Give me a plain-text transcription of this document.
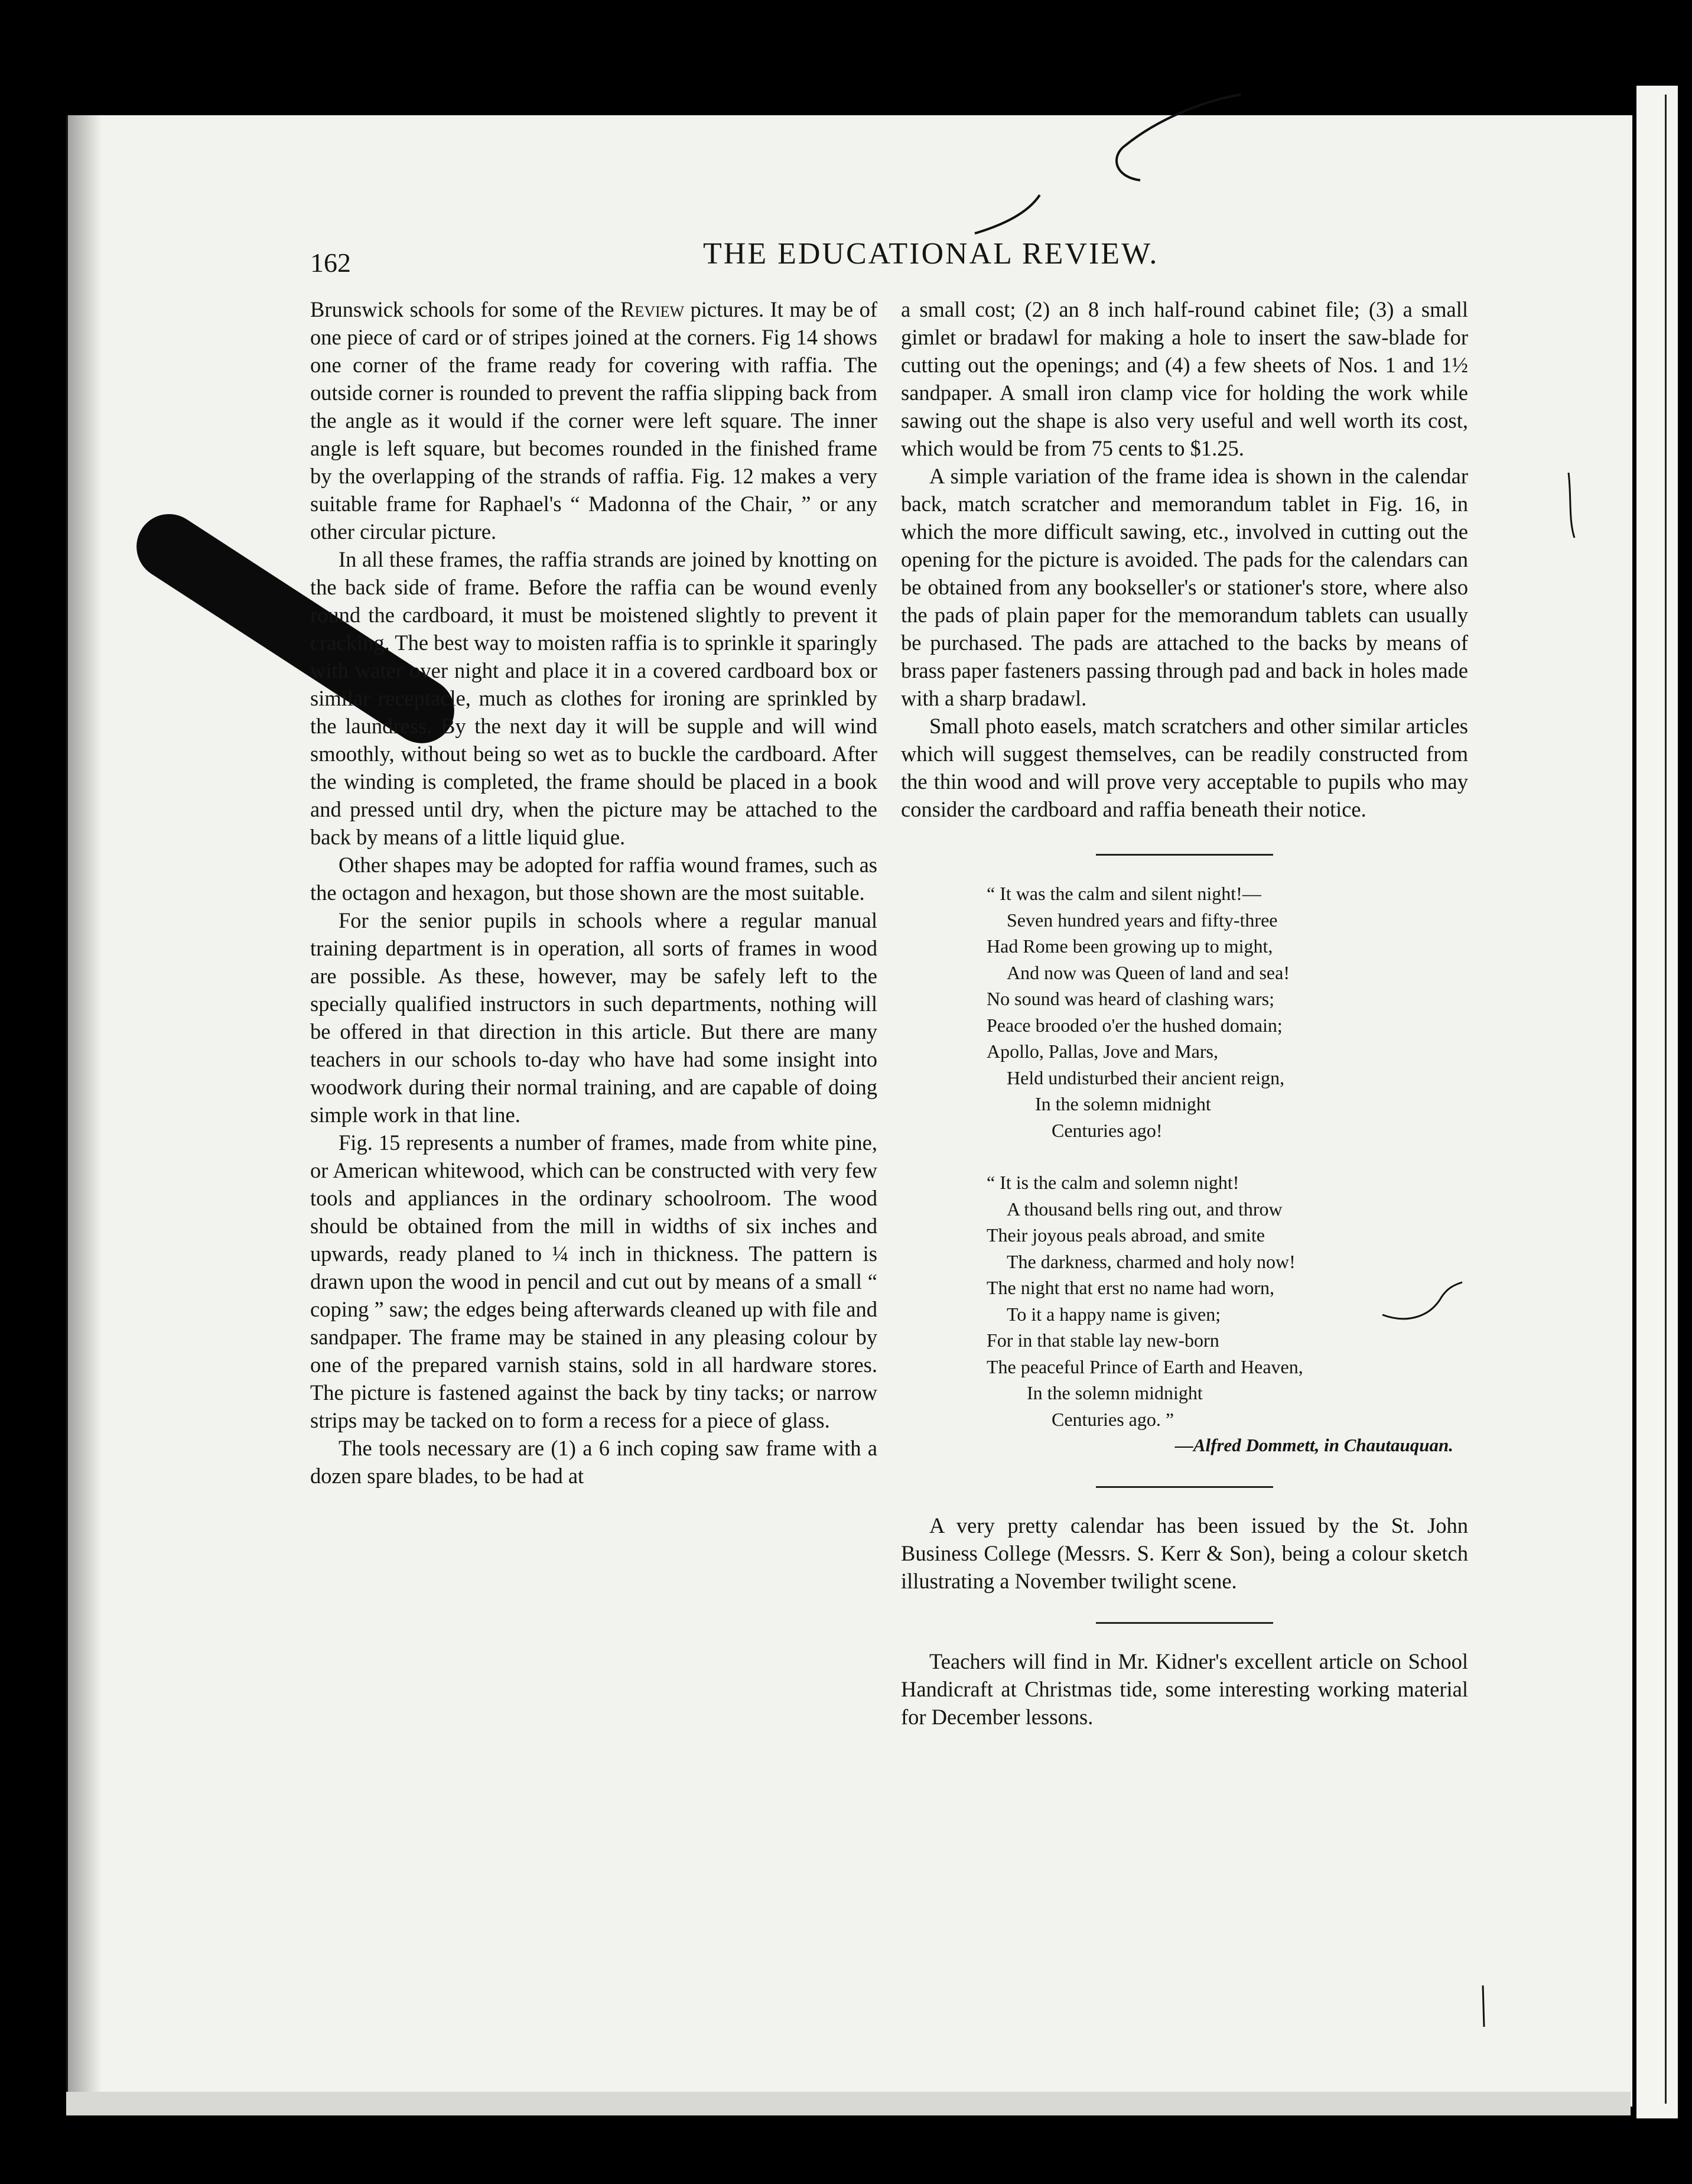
162	THE EDUCATIONAL REVIEW.

Brunswick schools for some of the Review pictures. It may be of one piece of card or of stripes joined at the corners. Fig 14 shows one corner of the frame ready for covering with raffia. The outside corner is rounded to prevent the raffia slipping back from the angle as it would if the corner were left square. The inner angle is left square, but becomes rounded in the finished frame by the overlapping of the strands of raffia. Fig. 12 makes a very suitable frame for Raphael's “ Madonna of the Chair, ” or any other circular picture.

In all these frames, the raffia strands are joined by knotting on the back side of frame. Before the raffia can be wound evenly round the cardboard, it must be moistened slightly to prevent it cracking. The best way to moisten raffia is to sprinkle it sparingly with water over night and place it in a covered cardboard box or similar receptacle, much as clothes for ironing are sprinkled by the laundress. By the next day it will be supple and will wind smoothly, without being so wet as to buckle the cardboard. After the winding is completed, the frame should be placed in a book and pressed until dry, when the picture may be attached to the back by means of a little liquid glue.

Other shapes may be adopted for raffia wound frames, such as the octagon and hexagon, but those shown are the most suitable.

For the senior pupils in schools where a regular manual training department is in operation, all sorts of frames in wood are possible. As these, however, may be safely left to the specially qualified instructors in such departments, nothing will be offered in that direction in this article. But there are many teachers in our schools to-day who have had some insight into woodwork during their normal training, and are capable of doing simple work in that line.

Fig. 15 represents a number of frames, made from white pine, or American whitewood, which can be constructed with very few tools and appliances in the ordinary schoolroom. The wood should be obtained from the mill in widths of six inches and upwards, ready planed to ¼ inch in thickness. The pattern is drawn upon the wood in pencil and cut out by means of a small “ coping ” saw; the edges being afterwards cleaned up with file and sandpaper. The frame may be stained in any pleasing colour by one of the prepared varnish stains, sold in all hardware stores. The picture is fastened against the back by tiny tacks; or narrow strips may be tacked on to form a recess for a piece of glass.

The tools necessary are (1) a 6 inch coping saw frame with a dozen spare blades, to be had at

a small cost; (2) an 8 inch half-round cabinet file; (3) a small gimlet or bradawl for making a hole to insert the saw-blade for cutting out the openings; and (4) a few sheets of Nos. 1 and 1½ sandpaper. A small iron clamp vice for holding the work while sawing out the shape is also very useful and well worth its cost, which would be from 75 cents to $1.25.

A simple variation of the frame idea is shown in the calendar back, match scratcher and memorandum tablet in Fig. 16, in which the more difficult sawing, etc., involved in cutting out the opening for the picture is avoided. The pads for the calendars can be obtained from any bookseller's or stationer's store, where also the pads of plain paper for the memorandum tablets can usually be purchased. The pads are attached to the backs by means of brass paper fasteners passing through pad and back in holes made with a sharp bradawl.

Small photo easels, match scratchers and other similar articles which will suggest themselves, can be readily constructed from the thin wood and will prove very acceptable to pupils who may consider the cardboard and raffia beneath their notice.

“ It was the calm and silent night!—
Seven hundred years and fifty-three
Had Rome been growing up to might,
And now was Queen of land and sea!
No sound was heard of clashing wars;
Peace brooded o'er the hushed domain;
Apollo, Pallas, Jove and Mars,
Held undisturbed their ancient reign,
In the solemn midnight
Centuries ago!
“ It is the calm and solemn night!
A thousand bells ring out, and throw
Their joyous peals abroad, and smite
The darkness, charmed and holy now!
The night that erst no name had worn,
To it a happy name is given;
For in that stable lay new-born
The peaceful Prince of Earth and Heaven,
In the solemn midnight
Centuries ago. ”
—Alfred Dommett, in Chautauquan.

A very pretty calendar has been issued by the St. John Business College (Messrs. S. Kerr & Son), being a colour sketch illustrating a November twilight scene.

Teachers will find in Mr. Kidner's excellent article on School Handicraft at Christmas tide, some interesting working material for December lessons.
